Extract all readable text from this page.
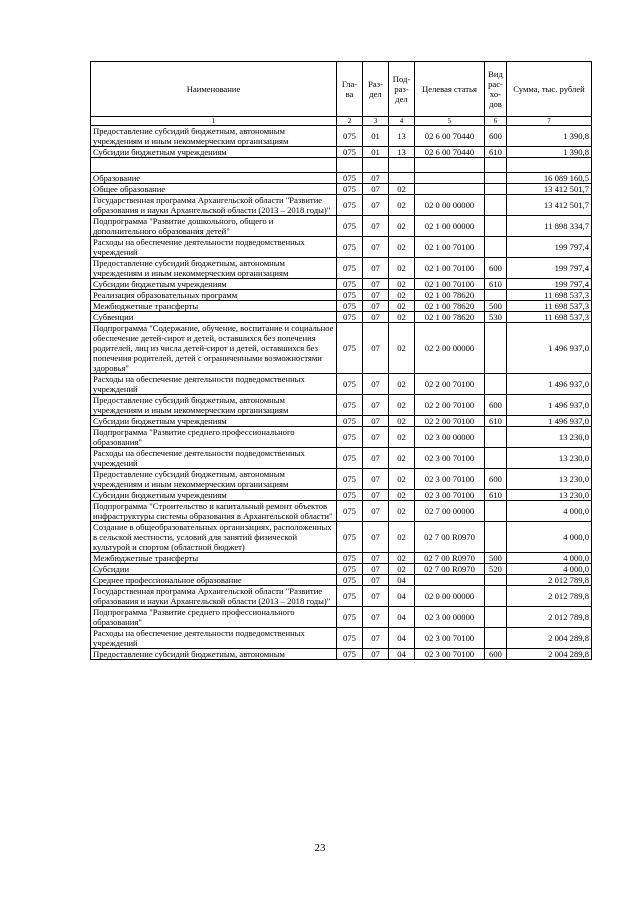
Наименование	Гла-ва	Раз-дел	Под-раз-дел	Целевая статья	Вид рас-хо-дов	Сумма, тыс. рублей
1	2	3	4	5	6	7
Предоставление субсидий бюджетным, автономным учреждениям и иным некоммерческим организациям	075	01	13	02 6 00 70440	600	1 390,8
Субсидии бюджетным учреждениям	075	01	13	02 6 00 70440	610	1 390,8

Образование	075	07				16 089 160,5
Общее образование	075	07	02			13 412 501,7
Государственная программа Архангельской области "Развитие образования и науки Архангельской области (2013 – 2018 годы)"	075	07	02	02 0 00 00000		13 412 501,7
Подпрограмма "Развитие дошкольного, общего и дополнительного образования детей"	075	07	02	02 1 00 00000		11 898 334,7
Расходы на обеспечение деятельности подведомственных учреждений	075	07	02	02 1 00 70100		199 797,4
Предоставление субсидий бюджетным, автономным учреждениям и иным некоммерческим организациям	075	07	02	02 1 00 70100	600	199 797,4
Субсидии бюджетным учреждениям	075	07	02	02 1 00 70100	610	199 797,4
Реализация образовательных программ	075	07	02	02 1 00 78620		11 698 537,3
Межбюджетные трансферты	075	07	02	02 1 00 78620	500	11 698 537,3
Субвенции	075	07	02	02 1 00 78620	530	11 698 537,3
Подпрограмма "Содержание, обучение, воспитание и социальное обеспечение детей-сирот и детей, оставшихся без попечения родителей, лиц из числа детей-сирот и детей, оставшихся без попечения родителей, детей с ограниченными возможностями здоровья"	075	07	02	02 2 00 00000		1 496 937,0
Расходы на обеспечение деятельности подведомственных учреждений	075	07	02	02 2 00 70100		1 496 937,0
Предоставление субсидий бюджетным, автономным учреждениям и иным некоммерческим организациям	075	07	02	02 2 00 70100	600	1 496 937,0
Субсидии бюджетным учреждениям	075	07	02	02 2 00 70100	610	1 496 937,0
Подпрограмма "Развитие среднего профессионального образования"	075	07	02	02 3 00 00000		13 230,0
Расходы на обеспечение деятельности подведомственных учреждений	075	07	02	02 3 00 70100		13 230,0
Предоставление субсидий бюджетным, автономным учреждениям и иным некоммерческим организациям	075	07	02	02 3 00 70100	600	13 230,0
Субсидии бюджетным учреждениям	075	07	02	02 3 00 70100	610	13 230,0
Подпрограмма "Строительство и капитальный ремонт объектов инфраструктуры системы образования в Архангельской области"	075	07	02	02 7 00 00000		4 000,0
Создание в общеобразовательных организациях, расположенных в сельской местности, условий для занятий физической культурой и спортом (областной бюджет)	075	07	02	02 7 00 R0970		4 000,0
Межбюджетные трансферты	075	07	02	02 7 00 R0970	500	4 000,0
Субсидии	075	07	02	02 7 00 R0970	520	4 000,0
Среднее профессиональное образование	075	07	04			2 012 789,8
Государственная программа Архангельской области "Развитие образования и науки Архангельской области (2013 – 2018 годы)"	075	07	04	02 0 00 00000		2 012 789,8
Подпрограмма "Развитие среднего профессионального образования"	075	07	04	02 3 00 00000		2 012 789,8
Расходы на обеспечение деятельности подведомственных учреждений	075	07	04	02 3 00 70100		2 004 289,8
Предоставление субсидий бюджетным, автономным	075	07	04	02 3 00 70100	600	2 004 289,8
23
